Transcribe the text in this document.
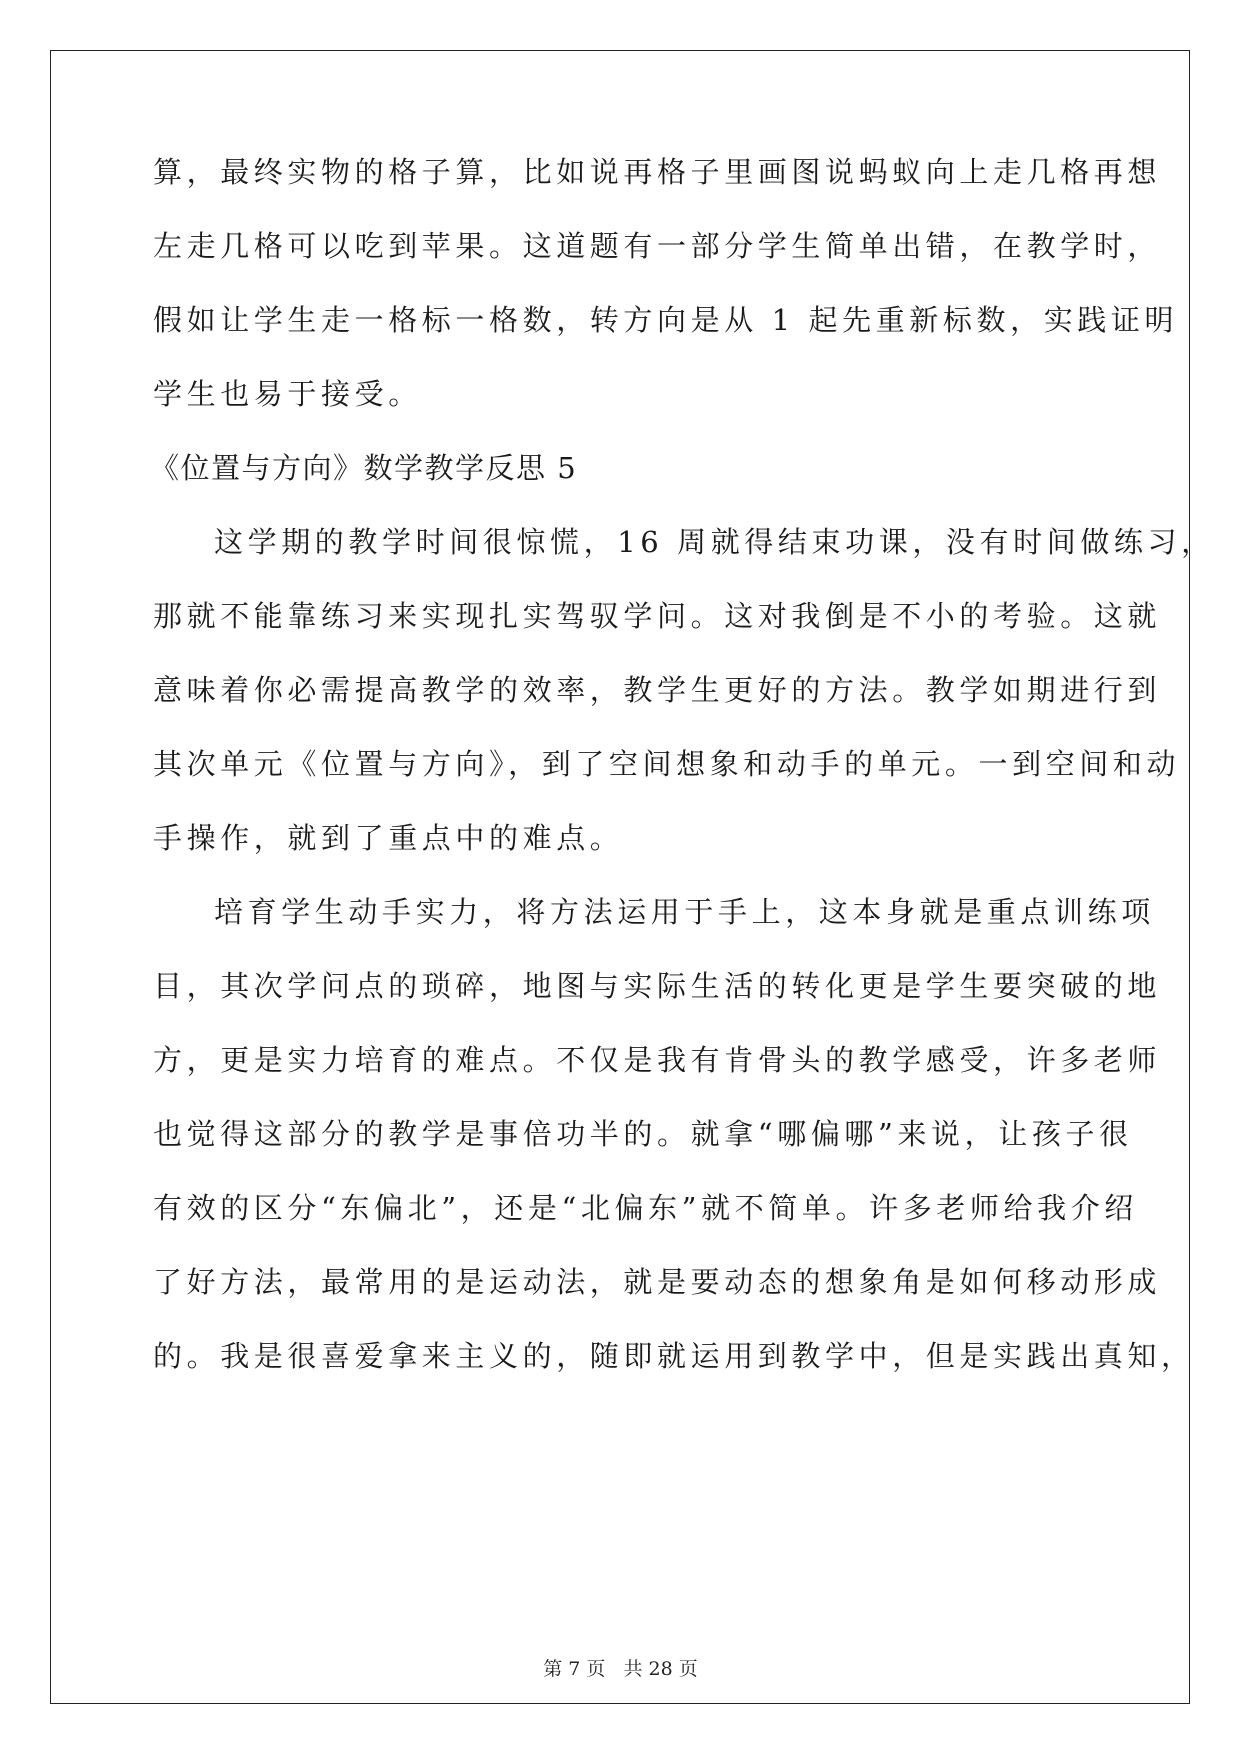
算，最终实物的格子算，比如说再格子里画图说蚂蚁向上走几格再想
左走几格可以吃到苹果。这道题有一部分学生简单出错，在教学时，
假如让学生走一格标一格数，转方向是从 1 起先重新标数，实践证明
学生也易于接受。
《位置与方向》数学教学反思 5
这学期的教学时间很惊慌，16 周就得结束功课，没有时间做练习，
那就不能靠练习来实现扎实驾驭学问。这对我倒是不小的考验。这就
意味着你必需提高教学的效率，教学生更好的方法。教学如期进行到
其次单元《位置与方向》，到了空间想象和动手的单元。一到空间和动
手操作，就到了重点中的难点。
培育学生动手实力，将方法运用于手上，这本身就是重点训练项
目，其次学问点的琐碎，地图与实际生活的转化更是学生要突破的地
方，更是实力培育的难点。不仅是我有肯骨头的教学感受，许多老师
也觉得这部分的教学是事倍功半的。就拿“哪偏哪”来说，让孩子很
有效的区分“东偏北”，还是“北偏东”就不简单。许多老师给我介绍
了好方法，最常用的是运动法，就是要动态的想象角是如何移动形成
的。我是很喜爱拿来主义的，随即就运用到教学中，但是实践出真知，
第 7 页   共 28 页
